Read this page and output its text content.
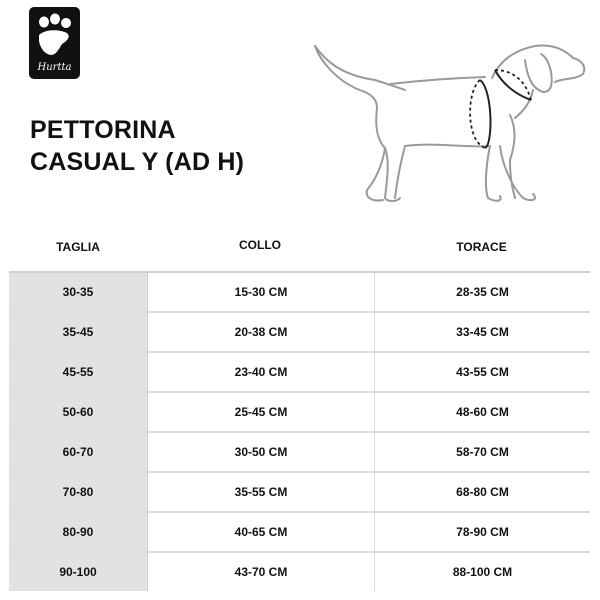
Hurtta
PETTORINA
CASUAL Y (AD H)
TAGLIA	COLLO	TORACE
30-35	15-30 CM	28-35 CM
35-45	20-38 CM	33-45 CM
45-55	23-40 CM	43-55 CM
50-60	25-45 CM	48-60 CM
60-70	30-50 CM	58-70 CM
70-80	35-55 CM	68-80 CM
80-90	40-65 CM	78-90 CM
90-100	43-70 CM	88-100 CM
